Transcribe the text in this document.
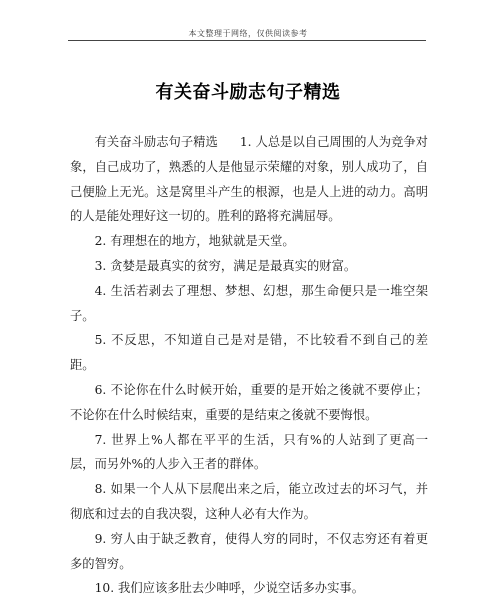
本文整理于网络，仅供阅读参考
有关奋斗励志句子精选

有关奋斗励志句子精选 1. 人总是以自己周围的人为竞争对象，自己成功了，熟悉的人是他显示荣耀的对象，别人成功了，自己便脸上无光。这是窝里斗产生的根源，也是人上进的动力。高明的人是能处理好这一切的。胜利的路将充满屈辱。

2. 有理想在的地方，地狱就是天堂。

3. 贪婪是最真实的贫穷，满足是最真实的财富。

4. 生活若剥去了理想、梦想、幻想，那生命便只是一堆空架子。

5. 不反思，不知道自己是对是错，不比较看不到自己的差距。

6. 不论你在什么时候开始，重要的是开始之後就不要停止；不论你在什么时候结束，重要的是结束之後就不要悔恨。

7. 世界上%人都在平平的生活，只有%的人站到了更高一层，而另外%的人步入王者的群体。

8. 如果一个人从下层爬出来之后，能立改过去的坏习气，并彻底和过去的自我决裂，这种人必有大作为。

9. 穷人由于缺乏教育，使得人穷的同时，不仅志穷还有着更多的智穷。

10. 我们应该多肚去少呻呼，少说空话多办实事。
